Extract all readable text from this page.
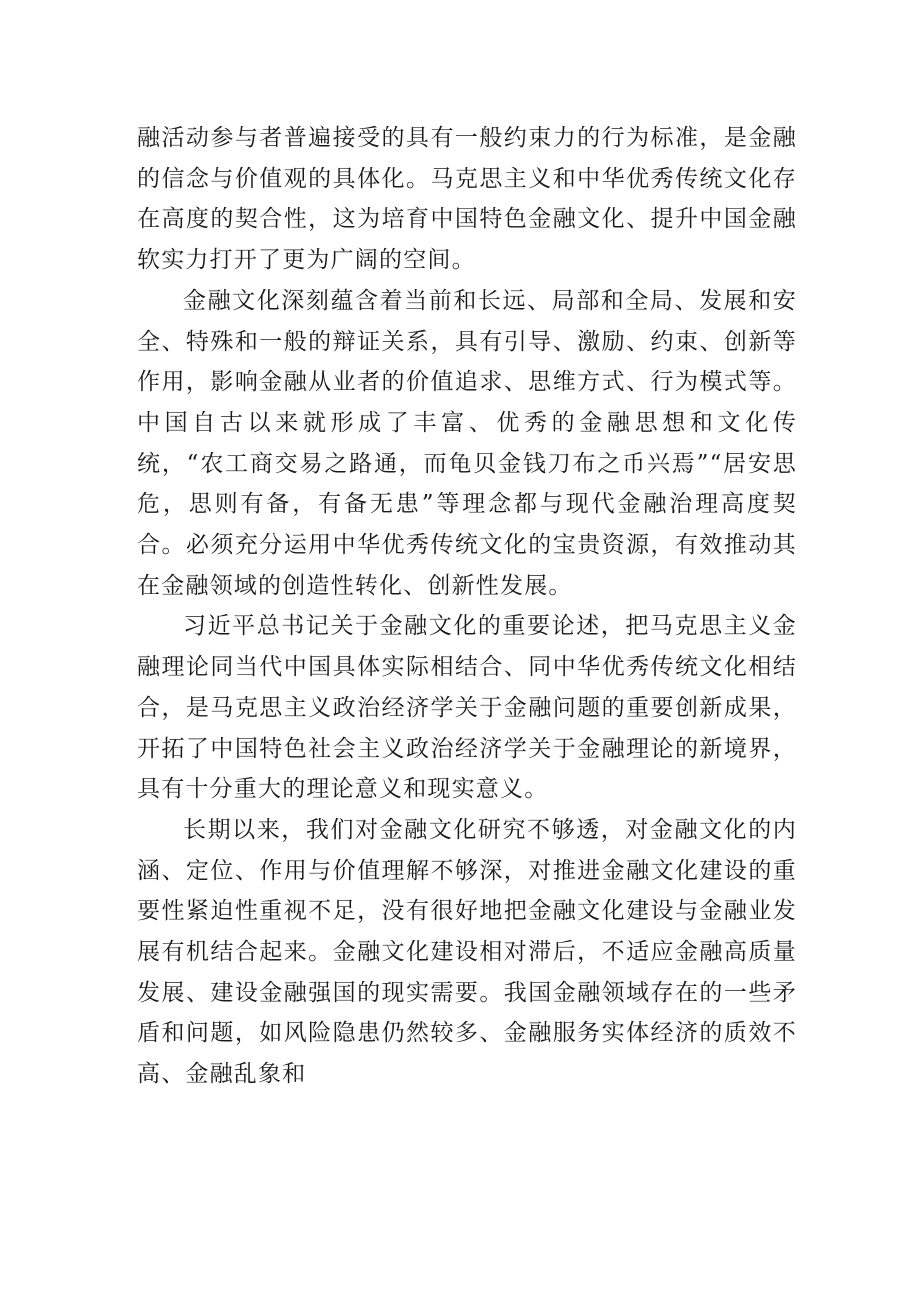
融活动参与者普遍接受的具有一般约束力的行为标准，是金融的信念与价值观的具体化。马克思主义和中华优秀传统文化存在高度的契合性，这为培育中国特色金融文化、提升中国金融软实力打开了更为广阔的空间。

金融文化深刻蕴含着当前和长远、局部和全局、发展和安全、特殊和一般的辩证关系，具有引导、激励、约束、创新等作用，影响金融从业者的价值追求、思维方式、行为模式等。中国自古以来就形成了丰富、优秀的金融思想和文化传统，“农工商交易之路通，而龟贝金钱刀布之币兴焉”“居安思危，思则有备，有备无患”等理念都与现代金融治理高度契合。必须充分运用中华优秀传统文化的宝贵资源，有效推动其在金融领域的创造性转化、创新性发展。

习近平总书记关于金融文化的重要论述，把马克思主义金融理论同当代中国具体实际相结合、同中华优秀传统文化相结合，是马克思主义政治经济学关于金融问题的重要创新成果，开拓了中国特色社会主义政治经济学关于金融理论的新境界，具有十分重大的理论意义和现实意义。

长期以来，我们对金融文化研究不够透，对金融文化的内涵、定位、作用与价值理解不够深，对推进金融文化建设的重要性紧迫性重视不足，没有很好地把金融文化建设与金融业发展有机结合起来。金融文化建设相对滞后，不适应金融高质量发展、建设金融强国的现实需要。我国金融领域存在的一些矛盾和问题，如风险隐患仍然较多、金融服务实体经济的质效不高、金融乱象和
